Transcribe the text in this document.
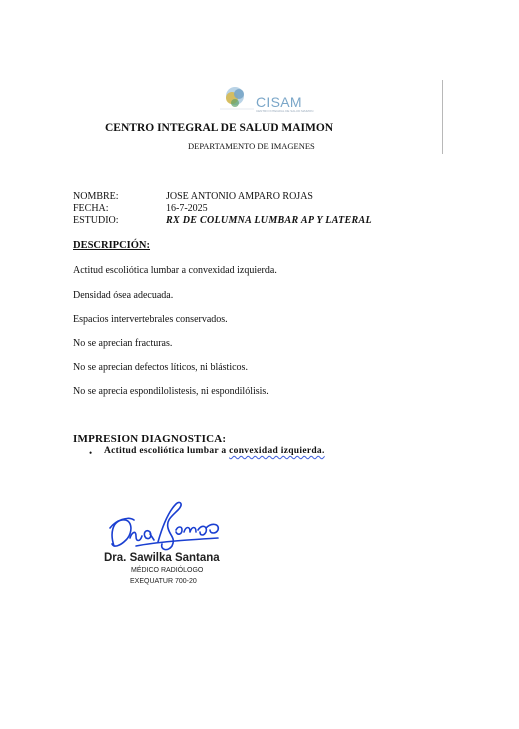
CISAM
CENTRO INTEGRAL DE SALUD MAIMON
CENTRO INTEGRAL DE SALUD MAIMON
DEPARTAMENTO DE IMAGENES
NOMBRE:	JOSE ANTONIO AMPARO ROJAS
FECHA:	16-7-2025
ESTUDIO:	RX DE COLUMNA LUMBAR AP Y LATERAL
DESCRIPCIÓN:
Actitud escoliótica lumbar a convexidad izquierda.
Densidad ósea adecuada.
Espacios intervertebrales conservados.
No se aprecian fracturas.
No se aprecian defectos líticos, ni blásticos.
No se aprecia espondilolistesis, ni espondilólisis.
IMPRESION DIAGNOSTICA:
• Actitud escoliótica lumbar a convexidad izquierda.
Dra. Sawilka Santana
MÉDICO RADIÓLOGO
EXEQUATUR 700-20
